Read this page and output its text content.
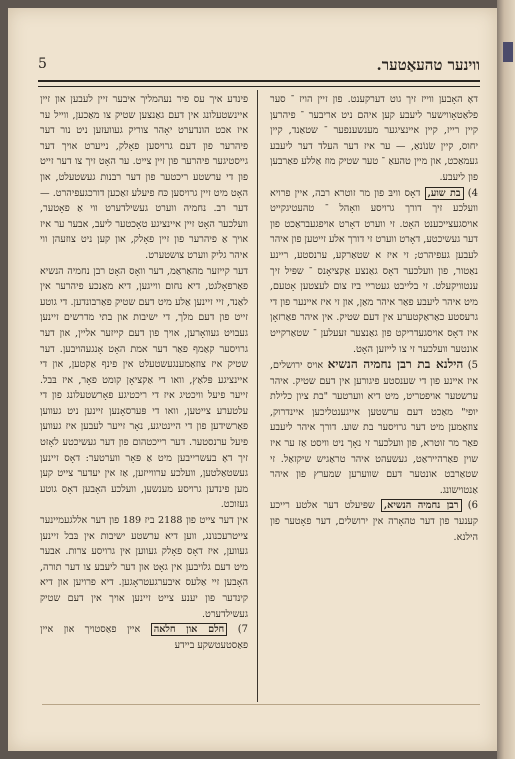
ווינער טהעאַטער.
5

דאָ האָבען ווייז זיך גוט דערקענט. פון זיין הויז ־ סער פלאַטאָווישער ליעבע קען איהם ניט אריבער ־ פיהרען קיין רייז, קיין איינציגער מענשענפער ־ שטאַנד, קיין יחוס, קיין שׂנוֹנאַ, — ער איז דער העלד דער ליעבע געמאַכט, און מיין טהעאַ ־ טער שטיק מוז אַללע פאַרבען פון ליעבע.

4) בת שוע, דאָס וויבּ פון מר זוטרא רבה, איין פרויא וועלכע זיך דורך גרויסע וואָהל ־ טהעטיגקייט אויסגעצייכענט האָט. זי ווערט דאָרט אויפגעבראַכט פון דער געשיכטע, דאָרט ווערט זי דורך אלע זייטען פון איהר לעבען געפיהרט; זי איז א שטאַרקע, ערנסטע, ריינע נאַטור, פון וועלכער דאָס גאַנצע אַקציאָנס ־ שפּיל זיך ענטוויקעלט. זי בלייבט געטריי ביז צום לעצטען אָטעם, מיט איהר ליעבע פאַר איהר מאַן, און זי איז איינער פון די גרעסטע כאַראַקטערע אין דעם שטיק. אין איהר פאַרזאָן איז דאָס אויסגעדריקט פון גאַנצער זעעלען ־ שטאַרקייט אונטער וועלכער זי צו לייזען האָט.

5) הילנא בת רבן נחמיה הנשיא אויס ירושלים, איז איינע פון די שענסטע פיגורען אין דעם שטיק. איהר ערשטער אויפטריט, מיט דיא ווערטער "בת ציון כלילת יופי" מאַכט דעם ערשטען אייגענטליכען איינדרוק, צוזאַמען מיט דער גרויסער בת שוע. דורך איהר ליעבע פאַר מר זוטרא, פון וועלכער זי נאָך ניט וויסט אַז ער איז שוין פאַרהייראַט, געשעהט איהר טראַגיש שיקזאַל. זי שטאַרבט אונטער דעם שווערען שמערץ פון איהר אַנטוישונג.

6) רבן נחמיה הנשיא, שפּיעלט דער אלטע רייכע קענער פון דער טהאָרה אין ירושלים, דער פאָטער פון הילנא.

פינדע איך עס פיר נעהמליך איבער זיין לעבען און זיין איינשטעלונג אין דעם גאַנצען שטיק צו מאַכען, ווייל ער איז אכט הונדערט יאָהר צוריק געוועזען ניט נור דער פיהרער פון דעם גרויסען פאָלק, נייערט אויך דער גייסטיגער פיהרער פון זיין צייט. ער האָט זיך צו דער זייט פון די ערשטע ריכטער פון דער רבנות געשטעלט, און האָט מיט זיין גרויסען כּח פיעלע זאַכען דורכגעפיהרט. — דער רב. נחמיה ווערט געשילדערט ווי אַ פאָטער, וועלכער האָט זיין איינציגע טאָכטער ליעב, אבער ער איז אויך אַ פיהרער פון זיין פאָלק, און קען ניט צוזעהן ווי איהר גליק ווערט צושטערט.

דער קייזער מהאַראַמ, דער וואָס האָט רבן נחמיה הנשיא פאַרפאָלגט, דיא נחום ווייגען, דיא מאַנכע פיהרער אין לאַנד, זיי זיינען אַלע מיט דעם שטיק פאַרבונדען. די גוטע זייט פון דעם מלך, די ישיבות און בתי מדרשים זיינען געבויט געוואָרען, אויך פון דעם קייזער אליין, און דער גרויסער קאַמף פאַר דער אמת האָט אָנגעהויבען. דער שטיק איז צוזאַמענגעשטעלט אין פינף אַקטען, און די איינציגע פּלאַץ, וואו די אַקציאָן קומט פאָר, איז בּבל. זייער פיעל וויכטיג איז די ריכטיגע פאָרשטעלונג פון די עלטערע צייטען, וואו די פּערסאָנען זיינען ניט געווען פאַרשידען פון די היינטיגע, נאָר זייער לעבען איז געווען פיעל ערנסטער. דער רייכטהום פון דער געשיכטע לאָזט זיך דאָ בעשרייבען מיט אַ פּאָר ווערטער: דאָס זיינען געשטאַלטען, וועלכע ערווייזען, אַז אין יעדער צייט קען מען פינדען גרויסע מענשען, וועלכע האָבען דאָס גוטע געזוכט.

אין דער צייט פון 2188 ביז 189 פון דער אללגעמיינער צייטרעכנונג, ווען דיא ערשטע ישיבות אין בּבל זיינען געווען, איז דאָס פאָלק געווען אין גרויסע צרות. אבער מיט דעם גלויבען אין גאָט און דער ליעבע צו דער תורה, האָבען זיי אַלעס איבערגעטראָגען. דיא פרויען און דיא קינדער פון יענע צייט זיינען אויך אין דעם שטיק געשילדערט.

7) חלם און חלאה איין פאַסטויך און איין פאַסטעטשקע ביידע
